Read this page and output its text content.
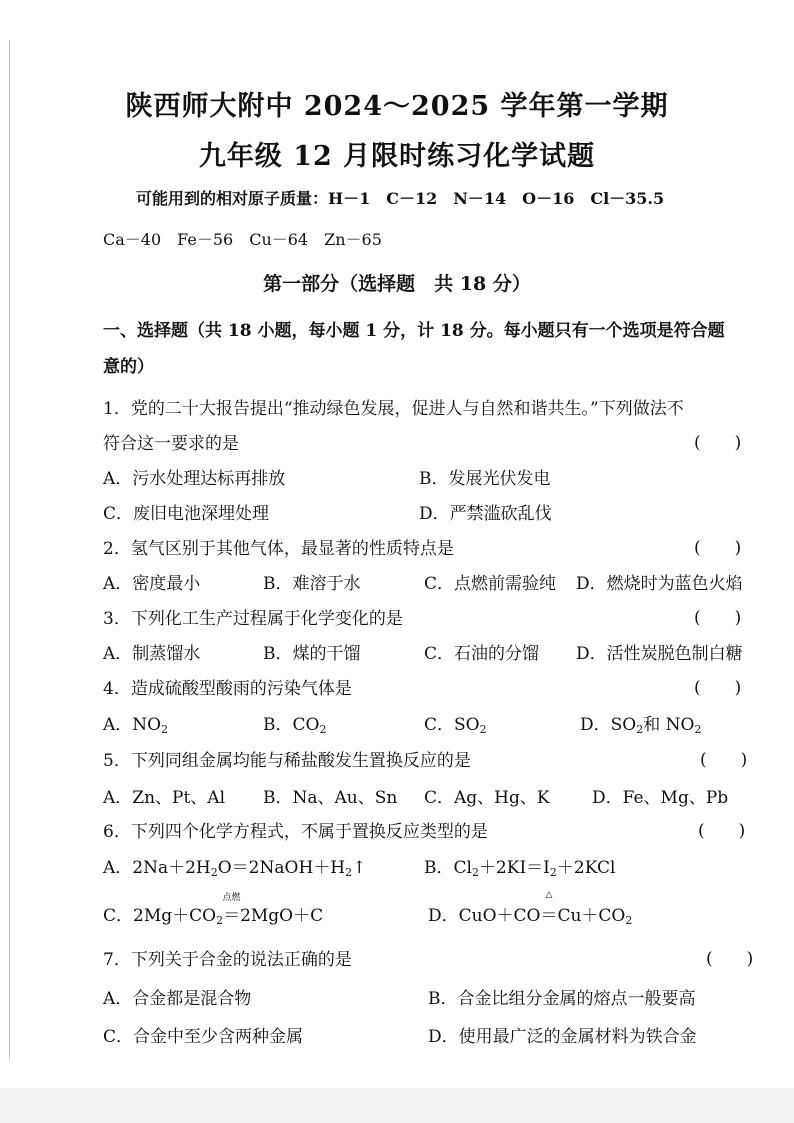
陕西师大附中 2024～2025 学年第一学期
九年级 12 月限时练习化学试题
可能用到的相对原子质量：H－1　C－12　N－14　O－16　Cl－35.5
Ca－40　Fe－56　Cu－64　Zn－65
第一部分（选择题　共 18 分）
一、选择题（共 18 小题，每小题 1 分，计 18 分。每小题只有一个选项是符合题
意的）
1．党的二十大报告提出“推动绿色发展，促进人与自然和谐共生。”下列做法不
符合这一要求的是	(　　)
A．污水处理达标再排放	B．发展光伏发电
C．废旧电池深埋处理	D．严禁滥砍乱伐
2．氢气区别于其他气体，最显著的性质特点是	(　　)
A．密度最小	B．难溶于水	C．点燃前需验纯 D．燃烧时为蓝色火焰
3．下列化工生产过程属于化学变化的是	(　　)
A．制蒸馏水	B．煤的干馏	C．石油的分馏 D．活性炭脱色制白糖
4．造成硫酸型酸雨的污染气体是	(　　)
A．$NO_2$	B．$CO_2$	C．$SO_2$	D．$SO_2$和 $NO_2$
5．下列同组金属均能与稀盐酸发生置换反应的是	(　　)
A．Zn、Pt、Al B．Na、Au、Sn C．Ag、Hg、K D．Fe、Mg、Pb
6．下列四个化学方程式，不属于置换反应类型的是	(　　)
A．$2Na+2H_2O=2NaOH+H_2↑$	B．$Cl_2+2KI=I_2+2KCl$
C．$2Mg+CO_2$
点燃
＝2MgO＋C	D．CuO＋CO
△
$=Cu+CO_2$
7．下列关于合金的说法正确的是	(　　)
A．合金都是混合物	B．合金比组分金属的熔点一般要高
C．合金中至少含两种金属	D．使用最广泛的金属材料为铁合金
